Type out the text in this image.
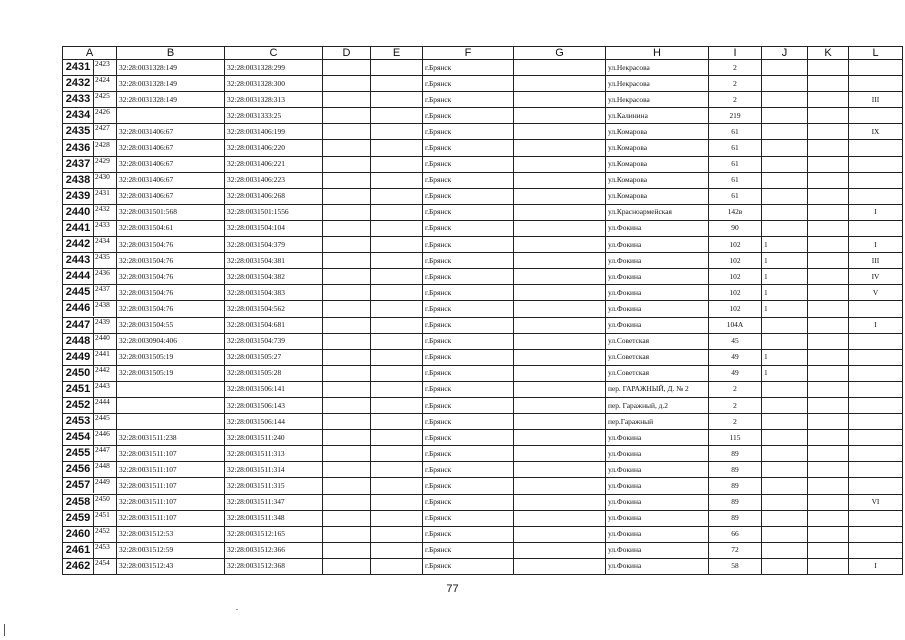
A	B	C	D	E	F	G	H	I	J	K	L

2431 2423	32:28:0031328:149	32:28:0031328:299			г.Брянск		ул.Некрасова	2			

2432 2424	32:28:0031328:149	32:28:0031328:300			г.Брянск		ул.Некрасова	2			

2433 2425	32:28:0031328:149	32:28:0031328:313			г.Брянск		ул.Некрасова	2			III

2434 2426		32:28:0031333:25			г.Брянск		ул.Калинина	219			

2435 2427	32:28:0031406:67	32:28:0031406:199			г.Брянск		ул.Комарова	61			IX

2436 2428	32:28:0031406:67	32:28:0031406:220			г.Брянск		ул.Комарова	61			

2437 2429	32:28:0031406:67	32:28:0031406:221			г.Брянск		ул.Комарова	61			

2438 2430	32:28:0031406:67	32:28:0031406:223			г.Брянск		ул.Комарова	61			

2439 2431	32:28:0031406:67	32:28:0031406:268			г.Брянск		ул.Комарова	61			

2440 2432	32:28:0031501:568	32:28:0031501:1556			г.Брянск		ул.Красноармейская	142в			I

2441 2433	32:28:0031504:61	32:28:0031504:104			г.Брянск		ул.Фокина	90			

2442 2434	32:28:0031504:76	32:28:0031504:379			г.Брянск		ул.Фокина	102	1		I

2443 2435	32:28:0031504:76	32:28:0031504:381			г.Брянск		ул.Фокина	102	1		III

2444 2436	32:28:0031504:76	32:28:0031504:382			г.Брянск		ул.Фокина	102	1		IV

2445 2437	32:28:0031504:76	32:28:0031504:383			г.Брянск		ул.Фокина	102	1		V

2446 2438	32:28:0031504:76	32:28:0031504:562			г.Брянск		ул.Фокина	102	1		

2447 2439	32:28:0031504:55	32:28:0031504:681			г.Брянск		ул.Фокина	104А			I

2448 2440	32:28:0030904:406	32:28:0031504:739			г.Брянск		ул.Советская	45			

2449 2441	32:28:0031505:19	32:28:0031505:27			г.Брянск		ул.Советская	49	1		

2450 2442	32:28:0031505:19	32:28:0031505:28			г.Брянск		ул.Советская	49	1		

2451 2443		32:28:0031506:141			г.Брянск		пер. ГАРАЖНЫЙ, Д. № 2	2			

2452 2444		32:28:0031506:143			г.Брянск		пер. Гаражный, д.2	2			

2453 2445		32:28:0031506:144			г.Брянск		пер.Гаражный	2			

2454 2446	32:28:0031511:238	32:28:0031511:240			г.Брянск		ул.Фокина	115			

2455 2447	32:28:0031511:107	32:28:0031511:313			г.Брянск		ул.Фокина	89			

2456 2448	32:28:0031511:107	32:28:0031511:314			г.Брянск		ул.Фокина	89			

2457 2449	32:28:0031511:107	32:28:0031511:315			г.Брянск		ул.Фокина	89			

2458 2450	32:28:0031511:107	32:28:0031511:347			г.Брянск		ул.Фокина	89			VI

2459 2451	32:28:0031511:107	32:28:0031511:348			г.Брянск		ул.Фокина	89			

2460 2452	32:28:0031512:53	32:28:0031512:165			г.Брянск		ул.Фокина	66			

2461 2453	32:28:0031512:59	32:28:0031512:366			г.Брянск		ул.Фокина	72			

2462 2454	32:28:0031512:43	32:28:0031512:368			г.Брянск		ул.Фокина	58			I
77
